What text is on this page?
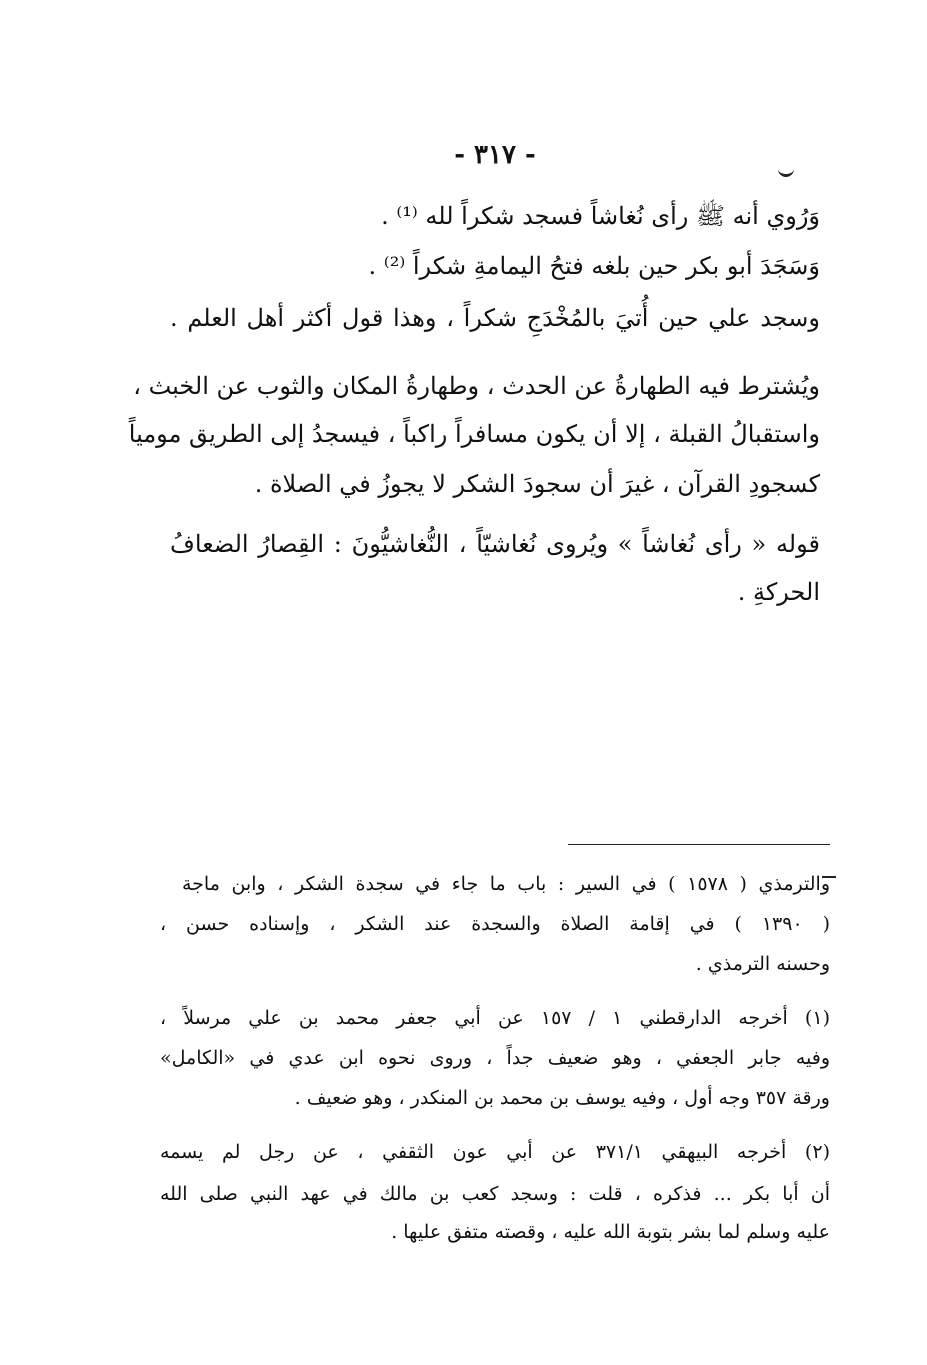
- ٣١٧ -
وَرُوي أنه ﷺ رأى نُغاشاً فسجد شكراً لله ⁽¹⁾ .
وَسَجَدَ أبو بكر حين بلغه فتحُ اليمامةِ شكراً ⁽²⁾ .
وسجد علي حين أُتيَ بالمُخْدَجِ شكراً ، وهذا قول أكثر أهل العلم .
ويُشترط فيه الطهارةُ عن الحدث ، وطهارةُ المكان والثوب عن الخبث ،
واستقبالُ القبلة ، إلا أن يكون مسافراً راكباً ، فيسجدُ إلى الطريق مومياً
كسجودِ القرآن ، غيرَ أن سجودَ الشكر لا يجوزُ في الصلاة .
قوله « رأى نُغاشاً » ويُروى نُغاشيّاً ، النُّغاشيُّونَ : القِصارُ الضعافُ
الحركةِ .
والترمذي ( ١٥٧٨ ) في السير : باب ما جاء في سجدة الشكر ، وابن ماجة
( ١٣٩٠ ) في إقامة الصلاة والسجدة عند الشكر ، وإسناده حسن ،
وحسنه الترمذي .
(١) أخرجه الدارقطني ١ / ١٥٧ عن أبي جعفر محمد بن علي مرسلاً ،
وفيه جابر الجعفي ، وهو ضعيف جداً ، وروى نحوه ابن عدي في «الكامل»
ورقة ٣٥٧ وجه أول ، وفيه يوسف بن محمد بن المنكدر ، وهو ضعيف .
(٢) أخرجه البيهقي ٣٧١/١ عن أبي عون الثقفي ، عن رجل لم يسمه
أن أبا بكر ... فذكره ، قلت : وسجد كعب بن مالك في عهد النبي صلى الله
عليه وسلم لما بشر بتوبة الله عليه ، وقصته متفق عليها .
